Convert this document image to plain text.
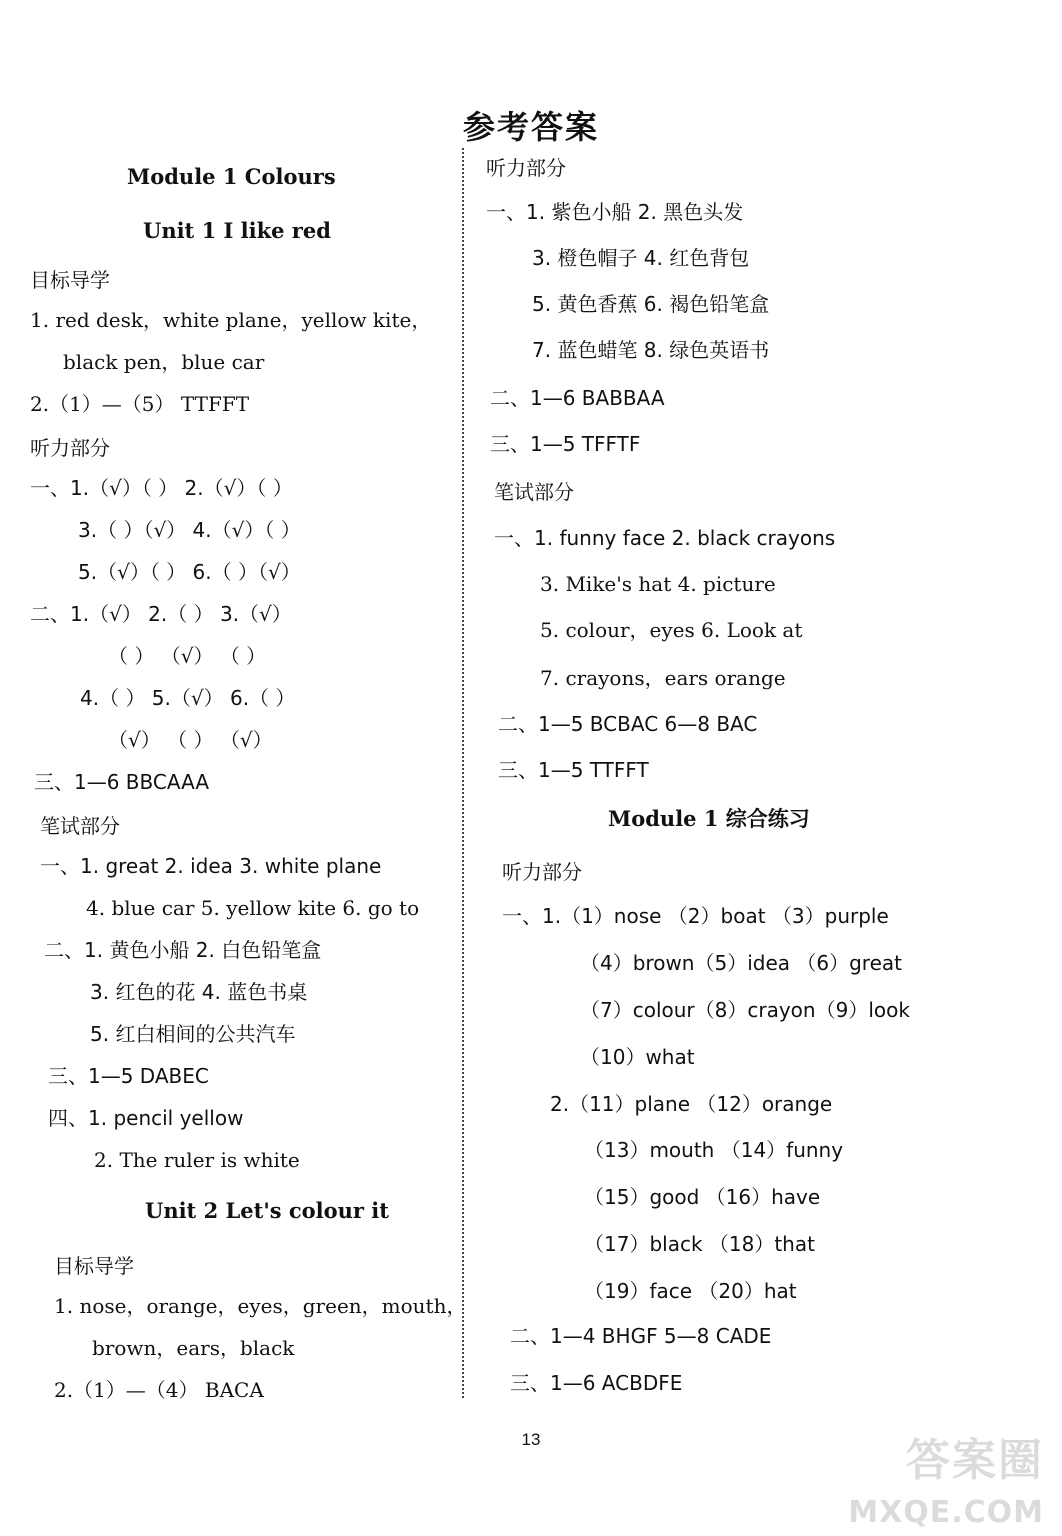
参考答案
Module 1 Colours
Unit 1 I like red
目标导学
1. red desk，white plane，yellow kite，
black pen，blue car
2.（1）—（5） TTFFT
听力部分
一、1.（√）（ ） 2.（√）（ ）
3.（ ）（√） 4.（√）（ ）
5.（√）（ ） 6.（ ）（√）
二、1.（√） 2.（ ） 3.（√）
（ ） （√） （ ）
4.（ ） 5.（√） 6.（ ）
（√） （ ） （√）
三、1—6 BBCAAA
笔试部分
一、1. great 2. idea 3. white plane
4. blue car 5. yellow kite 6. go to
二、1. 黄色小船 2. 白色铅笔盒
3. 红色的花 4. 蓝色书桌
5. 红白相间的公共汽车
三、1—5 DABEC
四、1. pencil yellow
2. The ruler is white
Unit 2 Let's colour it
目标导学
1. nose，orange，eyes，green，mouth，
brown，ears，black
2.（1）—（4） BACA
听力部分
一、1. 紫色小船 2. 黑色头发
3. 橙色帽子 4. 红色背包
5. 黄色香蕉 6. 褐色铅笔盒
7. 蓝色蜡笔 8. 绿色英语书
二、1—6 BABBAA
三、1—5 TFFTF
笔试部分
一、1. funny face 2. black crayons
3. Mike's hat 4. picture
5. colour，eyes 6. Look at
7. crayons，ears orange
二、1—5 BCBAC 6—8 BAC
三、1—5 TTFFT
Module 1 综合练习
听力部分
一、1.（1）nose （2）boat （3）purple
（4）brown（5）idea （6）great
（7）colour（8）crayon（9）look
（10）what
2.（11）plane （12）orange
（13）mouth （14）funny
（15）good （16）have
（17）black （18）that
（19）face （20）hat
二、1—4 BHGF 5—8 CADE
三、1—6 ACBDFE
13	答案圈
MXQE.COM
